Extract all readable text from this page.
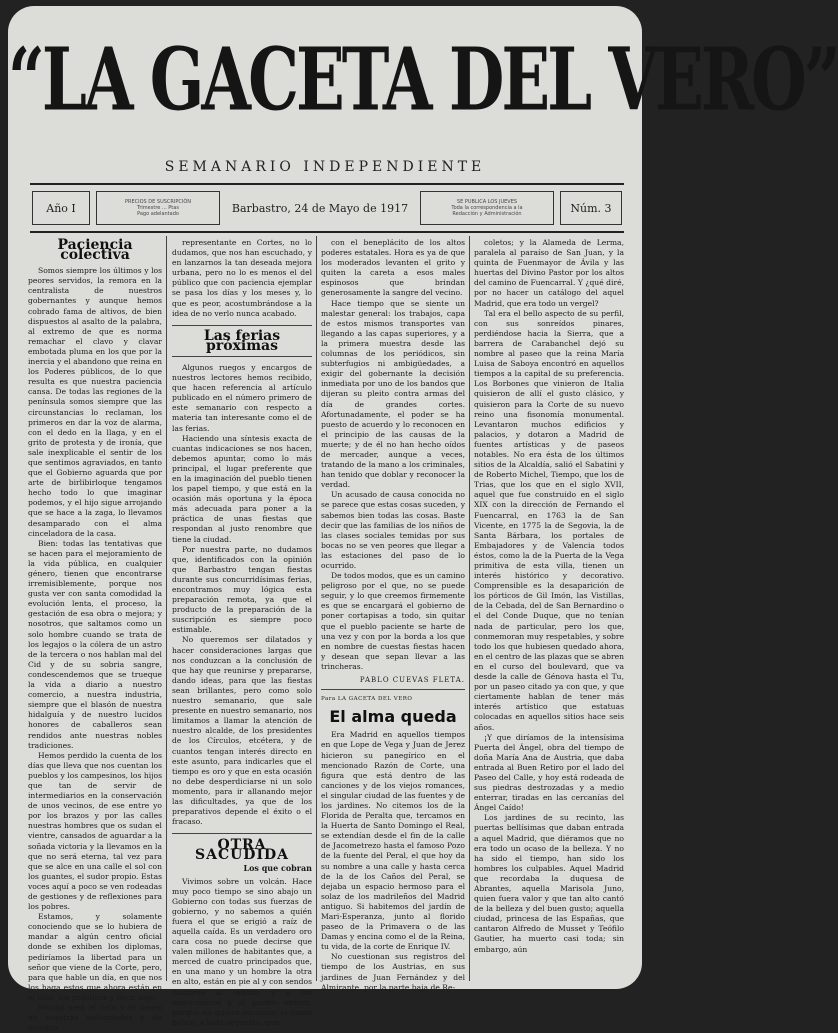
“LA GACETA DEL VERO”
SEMANARIO INDEPENDIENTE
Año I	PRECIOS DE SUSCRIPCIÓN
Trimestre ... Ptas
Pago adelantado	Barbastro, 24 de Mayo de 1917	SE PUBLICA LOS JUEVES
Toda la correspondencia a la
Redacción y Administración	Núm. 3
Paciencia colectiva

Somos siempre los últimos y los peores servidos, la remora en la centralista de nuestros gobernantes y aunque hemos cobrado fama de altivos, de bien dispuestos al asalto de la palabra, al extremo de que es norma remachar el clavo y clavar embotada pluma en los que por la inercia y el abandono que reina en los Poderes públicos, de lo que resulta es que nuestra paciencia cansa. De todas las regiones de la península somos siempre que las circunstancias lo reclaman, los primeros en dar la voz de alarma, con el dedo en la llaga, y en el grito de protesta y de ironía, que sale inexplicable el sentir de los que sentimos agraviados, en tanto que el Gobierno aguarda que por arte de birlibirloque tengamos hecho todo lo que imaginar podemos, y el hijo sigue arrojando que se hace a la zaga, lo llevamos desamparado con el alma cinceladora de la casa.

Bien: todas las tentativas que se hacen para el mejoramiento de la vida pública, en cualquier género, tienen que encontrarse irremisiblemente, porque nos gusta ver con santa comodidad la evolución lenta, el proceso, la gestación de esa obra o mejora; y nosotros, que saltamos como un solo hombre cuando se trata de los legajos o la cólera de un astro de la tercera o nos hablan mal del Cid y de su sobria sangre, condescendemos que se trueque la vida a diario a nuestro comercio, a nuestra industria, siempre que el blasón de nuestra hidalguía y de nuestro lucidos honores de caballeros sean rendidos ante nuestras nobles tradiciones.

Hemos perdido la cuenta de los días que lleva que nos cuentan los pueblos y los campesinos, los hijos que tan de servir de intermediarios en la conservación de unos vecinos, de ese entre yo por los brazos y por las calles nuestras hombres que os sudan el vientre, cansados de aguardar a la soñada victoria y la llevamos en la que no será eterna, tal vez para que se alce en una calle el sol con los guantes, el sudor propio. Estas voces aquí a poco se ven rodeadas de gestiones y de reflexiones para los pobres.

Estamos, y solamente conociendo que se lo hubiera de mandar a algún centro oficial donde se exhiben los diplomas, pediríamos la libertad para un señor que viene de la Corte, pero, para que hable un día, en que nos los haga estos que ahora están en el sitio, los prácticos y decir algo.

Mucho será el celo y el deseo de nuestras autoridades y de nuestro

representante en Cortes, no lo dudamos, que nos han escuchado, y en lanzarnos la tan deseada mejora urbana, pero no lo es menos el del público que con paciencia ejemplar se pasa los días y los meses y, lo que es peor, acostumbrándose a la idea de no verlo nunca acabado.

Las ferias próximas

Algunos ruegos y encargos de nuestros lectores hemos recibido, que hacen referencia al artículo publicado en el número primero de este semanario con respecto a materia tan interesante como el de las ferias.

Haciendo una síntesis exacta de cuantas indicaciones se nos hacen, debemos apuntar, como lo más principal, el lugar preferente que en la imaginación del pueblo tienen los papel tiempo, y que está en la ocasión más oportuna y la época más adecuada para poner a la práctica de unas fiestas que respondan al justo renombre que tiene la ciudad.

Por nuestra parte, no dudamos que, identificados con la opinión que Barbastro tengan fiestas durante sus concurridísimas ferias, encontramos muy lógica esta preparación remota, ya que el producto de la preparación de la suscripción es siempre poco estimable.

No queremos ser dilatados y hacer consideraciones largas que nos conduzcan a la conclusión de que hay que reunirse y prepararse, dando ideas, para que las fiestas sean brillantes, pero como solo nuestro semanario, que sale presente en nuestro semanario, nos limitamos a llamar la atención de nuestro alcalde, de los presidentes de los Círculos, etcétera, y de cuantos tengan interés directo en este asunto, para indicarles que el tiempo es oro y que en esta ocasión no debe desperdiciarse ni un solo momento, para ir allanando mejor las dificultades, ya que de los preparativos depende el éxito o el fracaso.

OTRA SACUDIDA
Los que cobran

Vivimos sobre un volcán. Hace muy poco tiempo se sino abajo un Gobierno con todas sus fuerzas de gobierno, y no sabemos a quién fuera el que se erigió a raíz de aquella caída. Es un verdadero oro cara cosa no puede decirse que valen millones de habitantes que, a merced de cuatro principados que, en una mano y un hombre la otra en alto, están en pie al y con sendos nombres al centro, y a los mayordomos y al pueblo entero, porque no quiere escuchar el canto bélico, a toda orquesta, que

con el beneplácito de los altos poderes estatales. Hora es ya de que los moderados levanten el grito y quiten la careta a esos males espinosos que brindan generosamente la sangre del vecino.

Hace tiempo que se siente un malestar general: los trabajos, capa de estos mismos transportes van llegando a las capas superiores, y a la primera muestra desde las columnas de los periódicos, sin subterfugios ni ambigüedades, a exigir del gobernante la decisión inmediata por uno de los bandos que dijeran su pleito contra armas del día de grandes cortes. Afortunadamente, el poder se ha puesto de acuerdo y lo reconocen en el principio de las causas de la muerte; y de él no han hecho oídos de mercader, aunque a veces, tratando de la mano a los criminales, han tenido que doblar y reconocer la verdad.

Un acusado de causa conocida no se parece que estas cosas suceden, y sabemos bien todas las cosas. Baste decir que las familias de los niños de las clases sociales temidas por sus bocas no se ven peores que llegar a las estaciones del paso de lo ocurrido.

De todos modos, que es un camino peligroso por el que, no se puede seguir, y lo que creemos firmemente es que se encargará el gobierno de poner cortapisas a todo, sin quitar que el pueblo paciente se harte de una vez y con por la borda a los que en nombre de cuestas fiestas hacen y desean que sepan llevar a las trincheras.

PABLO CUEVAS FLETA.
Para LA GACETA DEL VERO
El alma queda

Era Madrid en aquellos tiempos en que Lope de Vega y Juan de Jerez hicieron su panegírico en el mencionado Razón de Corte, una figura que está dentro de las canciones y de los viejos romances, el singular ciudad de las fuentes y de los jardines. No citemos los de la Florida de Peralta que, tercamos en la Huerta de Santo Domingo el Real, se extendían desde el fin de la calle de Jacometrezo hasta el famoso Pozo de la fuente del Peral, el que hoy da su nombre a una calle y hasta cerca de la de los Caños del Peral, se dejaba un espacio hermoso para el solaz de los madrileños del Madrid antiguo. Si habitemos del jardín de Mari-Esperanza, junto al florido paseo de la Primavera o de las Damas y encina como el de la Reina, tu vida, de la corte de Enrique IV.

No cuestionan sus registros del tiempo de los Austrias, en sus jardines de Juan Fernández y del Almirante, por la parte baja de Re-

coletos; y la Alameda de Lerma, paralela al paraíso de San Juan, y la quinta de Fuenmayor de Ávila y las huertas del Divino Pastor por los altos del camino de Fuencarral. Y ¿qué diré, por no hacer un catálogo del aquel Madrid, que era todo un vergel?

Tal era el bello aspecto de su perfil, con sus sonreídos pinares, perdiéndose hacia la Sierra, que a barrera de Carabanchel dejó su nombre al paseo que la reina María Luisa de Saboya encontró en aquellos tiempos a la capital de su preferencia. Los Borbones que vinieron de Italia quisieron de allí el gusto clásico, y quisieron para la Corte de su nuevo reino una fisonomía monumental. Levantaron muchos edificios y palacios, y dotaron a Madrid de fuentes artísticas y de paseos notables. No era ésta de los últimos sitios de la Alcaldía, salió el Sabatini y de Roberto Michel, Tiempo, que los de Trias, que los que en el siglo XVII, aquel que fue construido en el siglo XIX con la dirección de Fernando el Fuencarral, en 1763 la de San Vicente, en 1775 la de Segovia, la de Santa Bárbara, los portales de Embajadores y de Valencia todos éstos, como la de la Puerta de la Vega primitiva de esta villa, tienen un interés histórico y decorativo. Comprensible es la desaparición de los pórticos de Gil Imón, las Vistillas, de la Cebada, del de San Bernardino o el del Conde Duque, que no tenían nada de particular, pero los que, conmemoran muy respetables, y sobre todo los que hubiesen quedado ahora, en el centro de las plazas que se abren en el curso del boulevard, que va desde la calle de Génova hasta el Tu, por un paseo citado ya con que, y que ciertamente hablan de tener más interés artístico que estatuas colocadas en aquellos sitios hace seis años.

¡Y que diríamos de la intensísima Puerta del Ángel, obra del tiempo de doña María Ana de Austria, que daba entrada al Buen Retiro por el lado del Paseo del Calle, y hoy está rodeada de sus piedras destrozadas y a medio enterrar, tiradas en las cercanías del Ángel Caído!

Los jardines de su recinto, las puertas bellísimas que daban entrada a aquel Madrid, que diéramos que no era todo un ocaso de la belleza. Y no ha sido el tiempo, han sido los hombres los culpables. Aquel Madrid que recordaba la duquesa de Abrantes, aquella Marisola Juno, quien fuera valor y que tan alto cantó de la belleza y del buen gusto; aquella ciudad, princesa de las Españas, que cantaron Alfredo de Musset y Teófilo Gautier, ha muerto casi toda; sin embargo, aún
